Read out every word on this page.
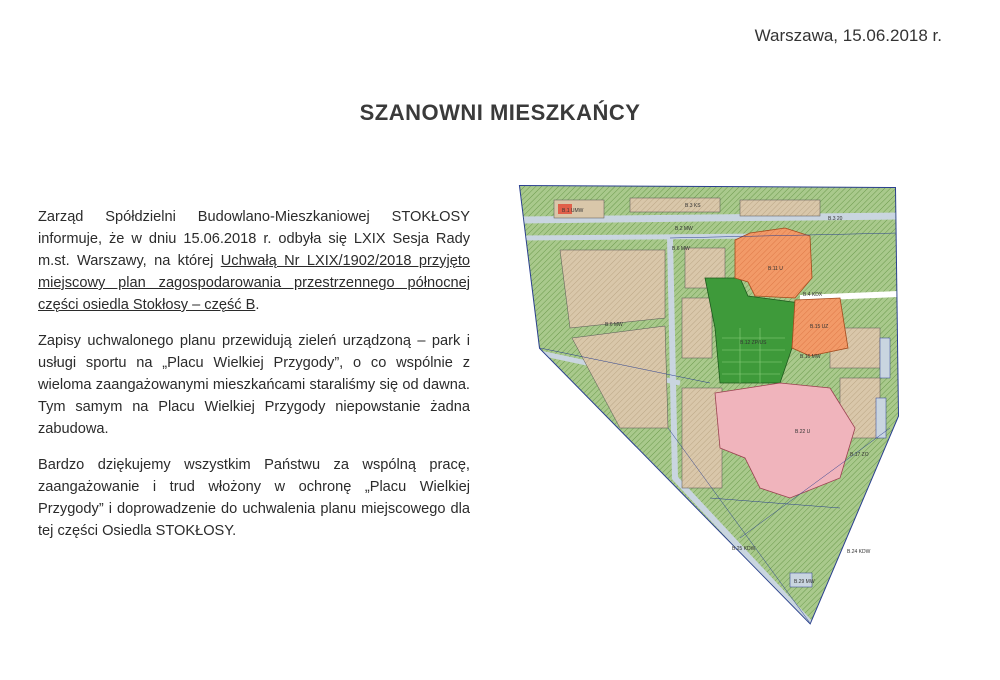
Warszawa, 15.06.2018 r.
SZANOWNI MIESZKAŃCY

Zarząd Spółdzielni Budowlano-Mieszkaniowej STOKŁOSY informuje, że w dniu 15.06.2018 r. odbyła się LXIX Sesja Rady m.st. Warszawy, na której Uchwałą Nr LXIX/1902/2018 przyjęto miejscowy plan zagospodarowania przestrzennego północnej części osiedla Stokłosy – część B.

Zapisy uchwalonego planu przewidują zieleń urządzoną – park i usługi sportu na „Placu Wielkiej Przygody”, o co wspólnie z wieloma zaangażowanymi mieszkańcami staraliśmy się od dawna. Tym samym na Placu Wielkiej Przygody niepowstanie żadna zabudowa.

Bardzo dziękujemy wszystkim Państwu za wspólną pracę, zaangażowanie i trud włożony w ochronę „Placu Wielkiej Przygody” i doprowadzenie do uchwalenia planu miejscowego dla tej części Osiedla STOKŁOSY.

B.1 UMW
B.3 KS
B.2 MW
B.3 20
B.6 MW
B.11 U
B.6 MW
B.12 ZP/US
B.15 UZ
B.16 MW
B.22 U
B.17 ZO
B.25 KDW
B.29 MW
B.24 KDW
B.4 KDX
